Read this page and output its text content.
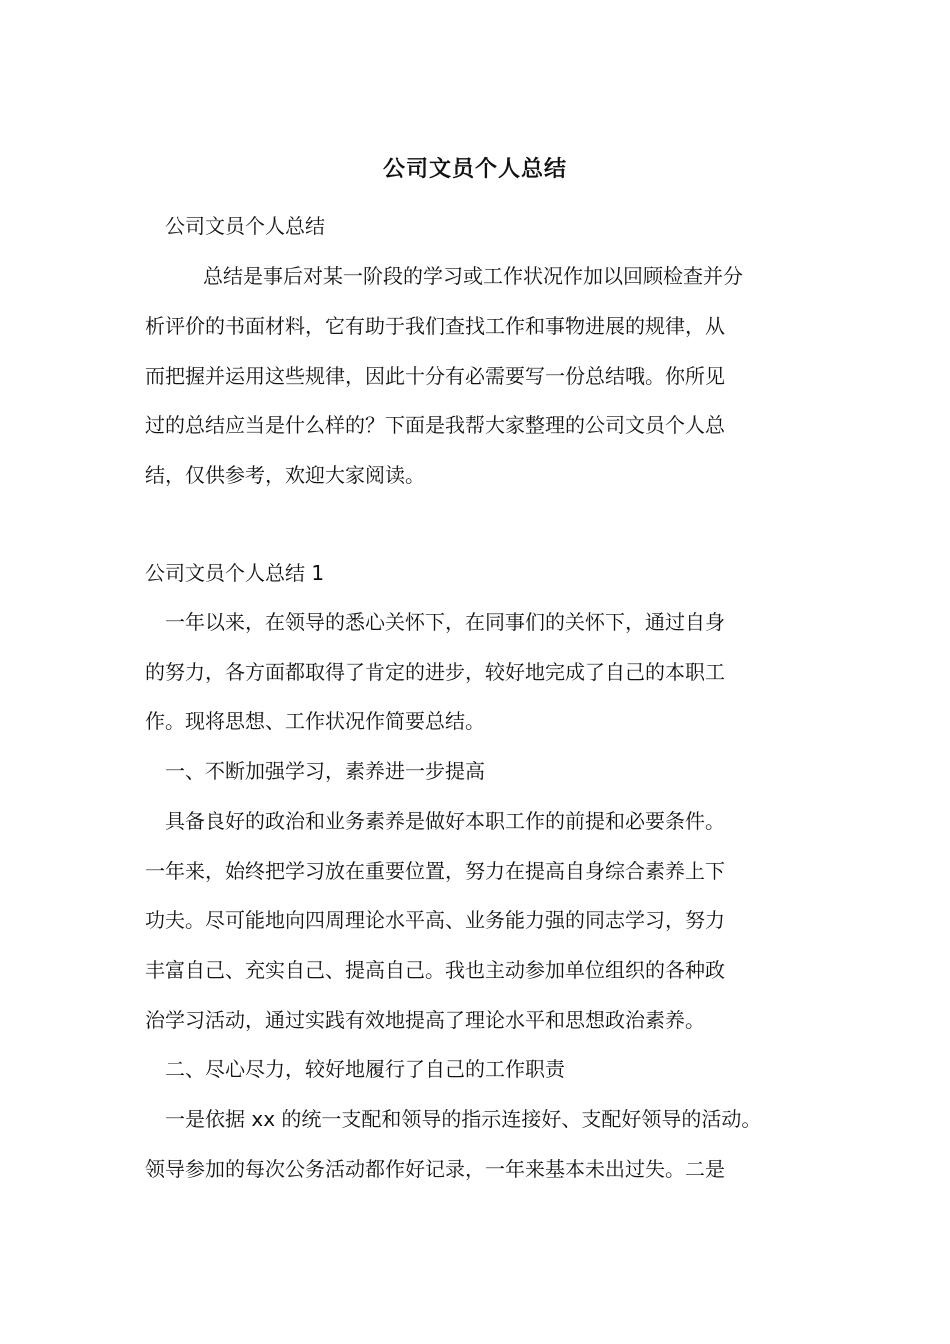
公司文员个人总结
公司文员个人总结
总结是事后对某一阶段的学习或工作状况作加以回顾检查并分
析评价的书面材料，它有助于我们查找工作和事物进展的规律，从
而把握并运用这些规律，因此十分有必需要写一份总结哦。你所见
过的总结应当是什么样的？下面是我帮大家整理的公司文员个人总
结，仅供参考，欢迎大家阅读。
公司文员个人总结 1
一年以来，在领导的悉心关怀下，在同事们的关怀下，通过自身
的努力，各方面都取得了肯定的进步，较好地完成了自己的本职工
作。现将思想、工作状况作简要总结。
一、不断加强学习，素养进一步提高
具备良好的政治和业务素养是做好本职工作的前提和必要条件。
一年来，始终把学习放在重要位置，努力在提高自身综合素养上下
功夫。尽可能地向四周理论水平高、业务能力强的同志学习，努力
丰富自己、充实自己、提高自己。我也主动参加单位组织的各种政
治学习活动，通过实践有效地提高了理论水平和思想政治素养。
二、尽心尽力，较好地履行了自己的工作职责
一是依据 xx 的统一支配和领导的指示连接好、支配好领导的活动。
领导参加的每次公务活动都作好记录，一年来基本未出过失。二是
